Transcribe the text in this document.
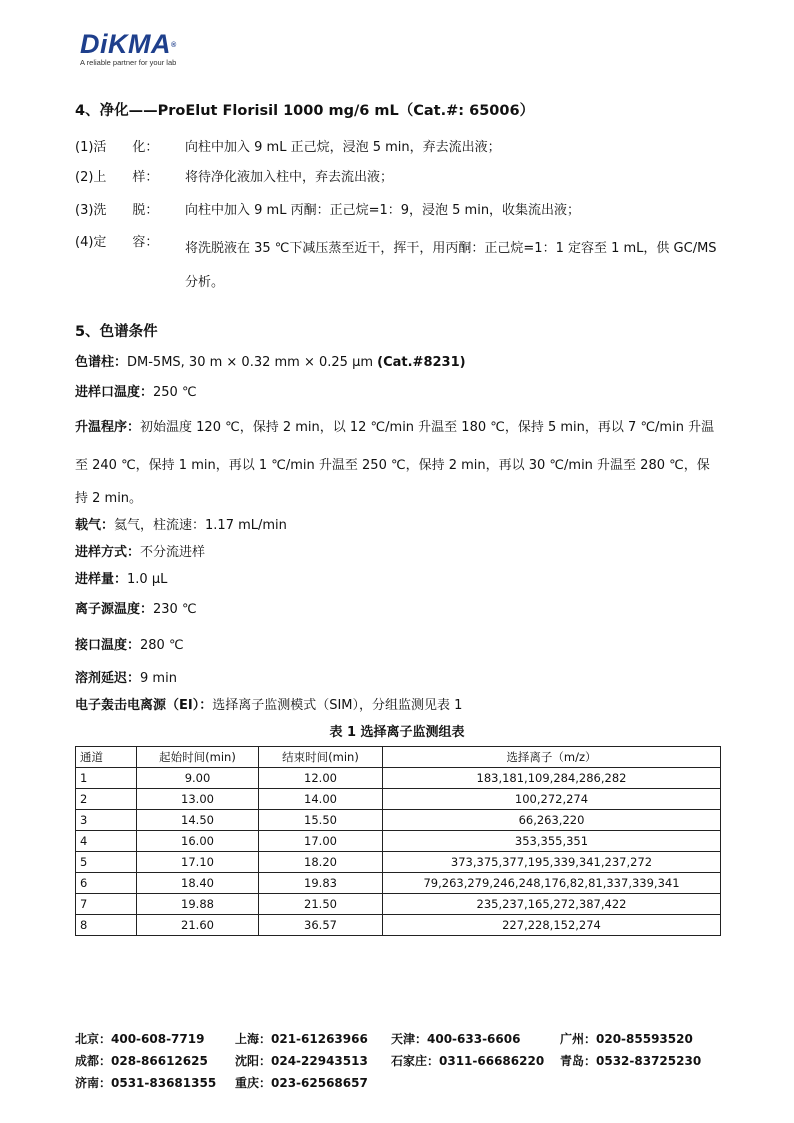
DiKMA®
A reliable partner for your lab
4、净化——ProElut Florisil 1000 mg/6 mL（Cat.#: 65006）
(1)活　　化： 向柱中加入 9 mL 正己烷，浸泡 5 min，弃去流出液；
(2)上　　样： 将待净化液加入柱中，弃去流出液；
(3)洗　　脱： 向柱中加入 9 mL 丙酮：正己烷=1：9，浸泡 5 min，收集流出液；
(4)定　　容：	将洗脱液在 35 ℃下减压蒸至近干，挥干，用丙酮：正己烷=1：1 定容至 1 mL，供 GC/MS
分析。
5、色谱条件
色谱柱：DM-5MS, 30 m × 0.32 mm × 0.25 μm (Cat.#8231)
进样口温度：250 ℃
升温程序：初始温度 120 ℃，保持 2 min，以 12 ℃/min 升温至 180 ℃，保持 5 min，再以 7 ℃/min 升温
至 240 ℃，保持 1 min，再以 1 ℃/min 升温至 250 ℃，保持 2 min，再以 30 ℃/min 升温至 280 ℃，保
持 2 min。
载气：氦气，柱流速：1.17 mL/min
进样方式：不分流进样
进样量：1.0 μL
离子源温度：230 ℃
接口温度：280 ℃
溶剂延迟：9 min
电子轰击电离源（EI）：选择离子监测模式（SIM），分组监测见表 1
表 1 选择离子监测组表
通道	起始时间(min)	结束时间(min)	选择离子（m/z）
1	9.00	12.00	183,181,109,284,286,282
2	13.00	14.00	100,272,274
3	14.50	15.50	66,263,220
4	16.00	17.00	353,355,351
5	17.10	18.20	373,375,377,195,339,341,237,272
6	18.40	19.83	79,263,279,246,248,176,82,81,337,339,341
7	19.88	21.50	235,237,165,272,387,422
8	21.60	36.57	227,228,152,274
北京：400-608-7719	上海：021-61263966 天津：400-633-6606	广州：020-85593520
成都：028-86612625 沈阳：024-22943513 石家庄：0311-66686220 青岛：0532-83725230
济南：0531-83681355 重庆：023-62568657
